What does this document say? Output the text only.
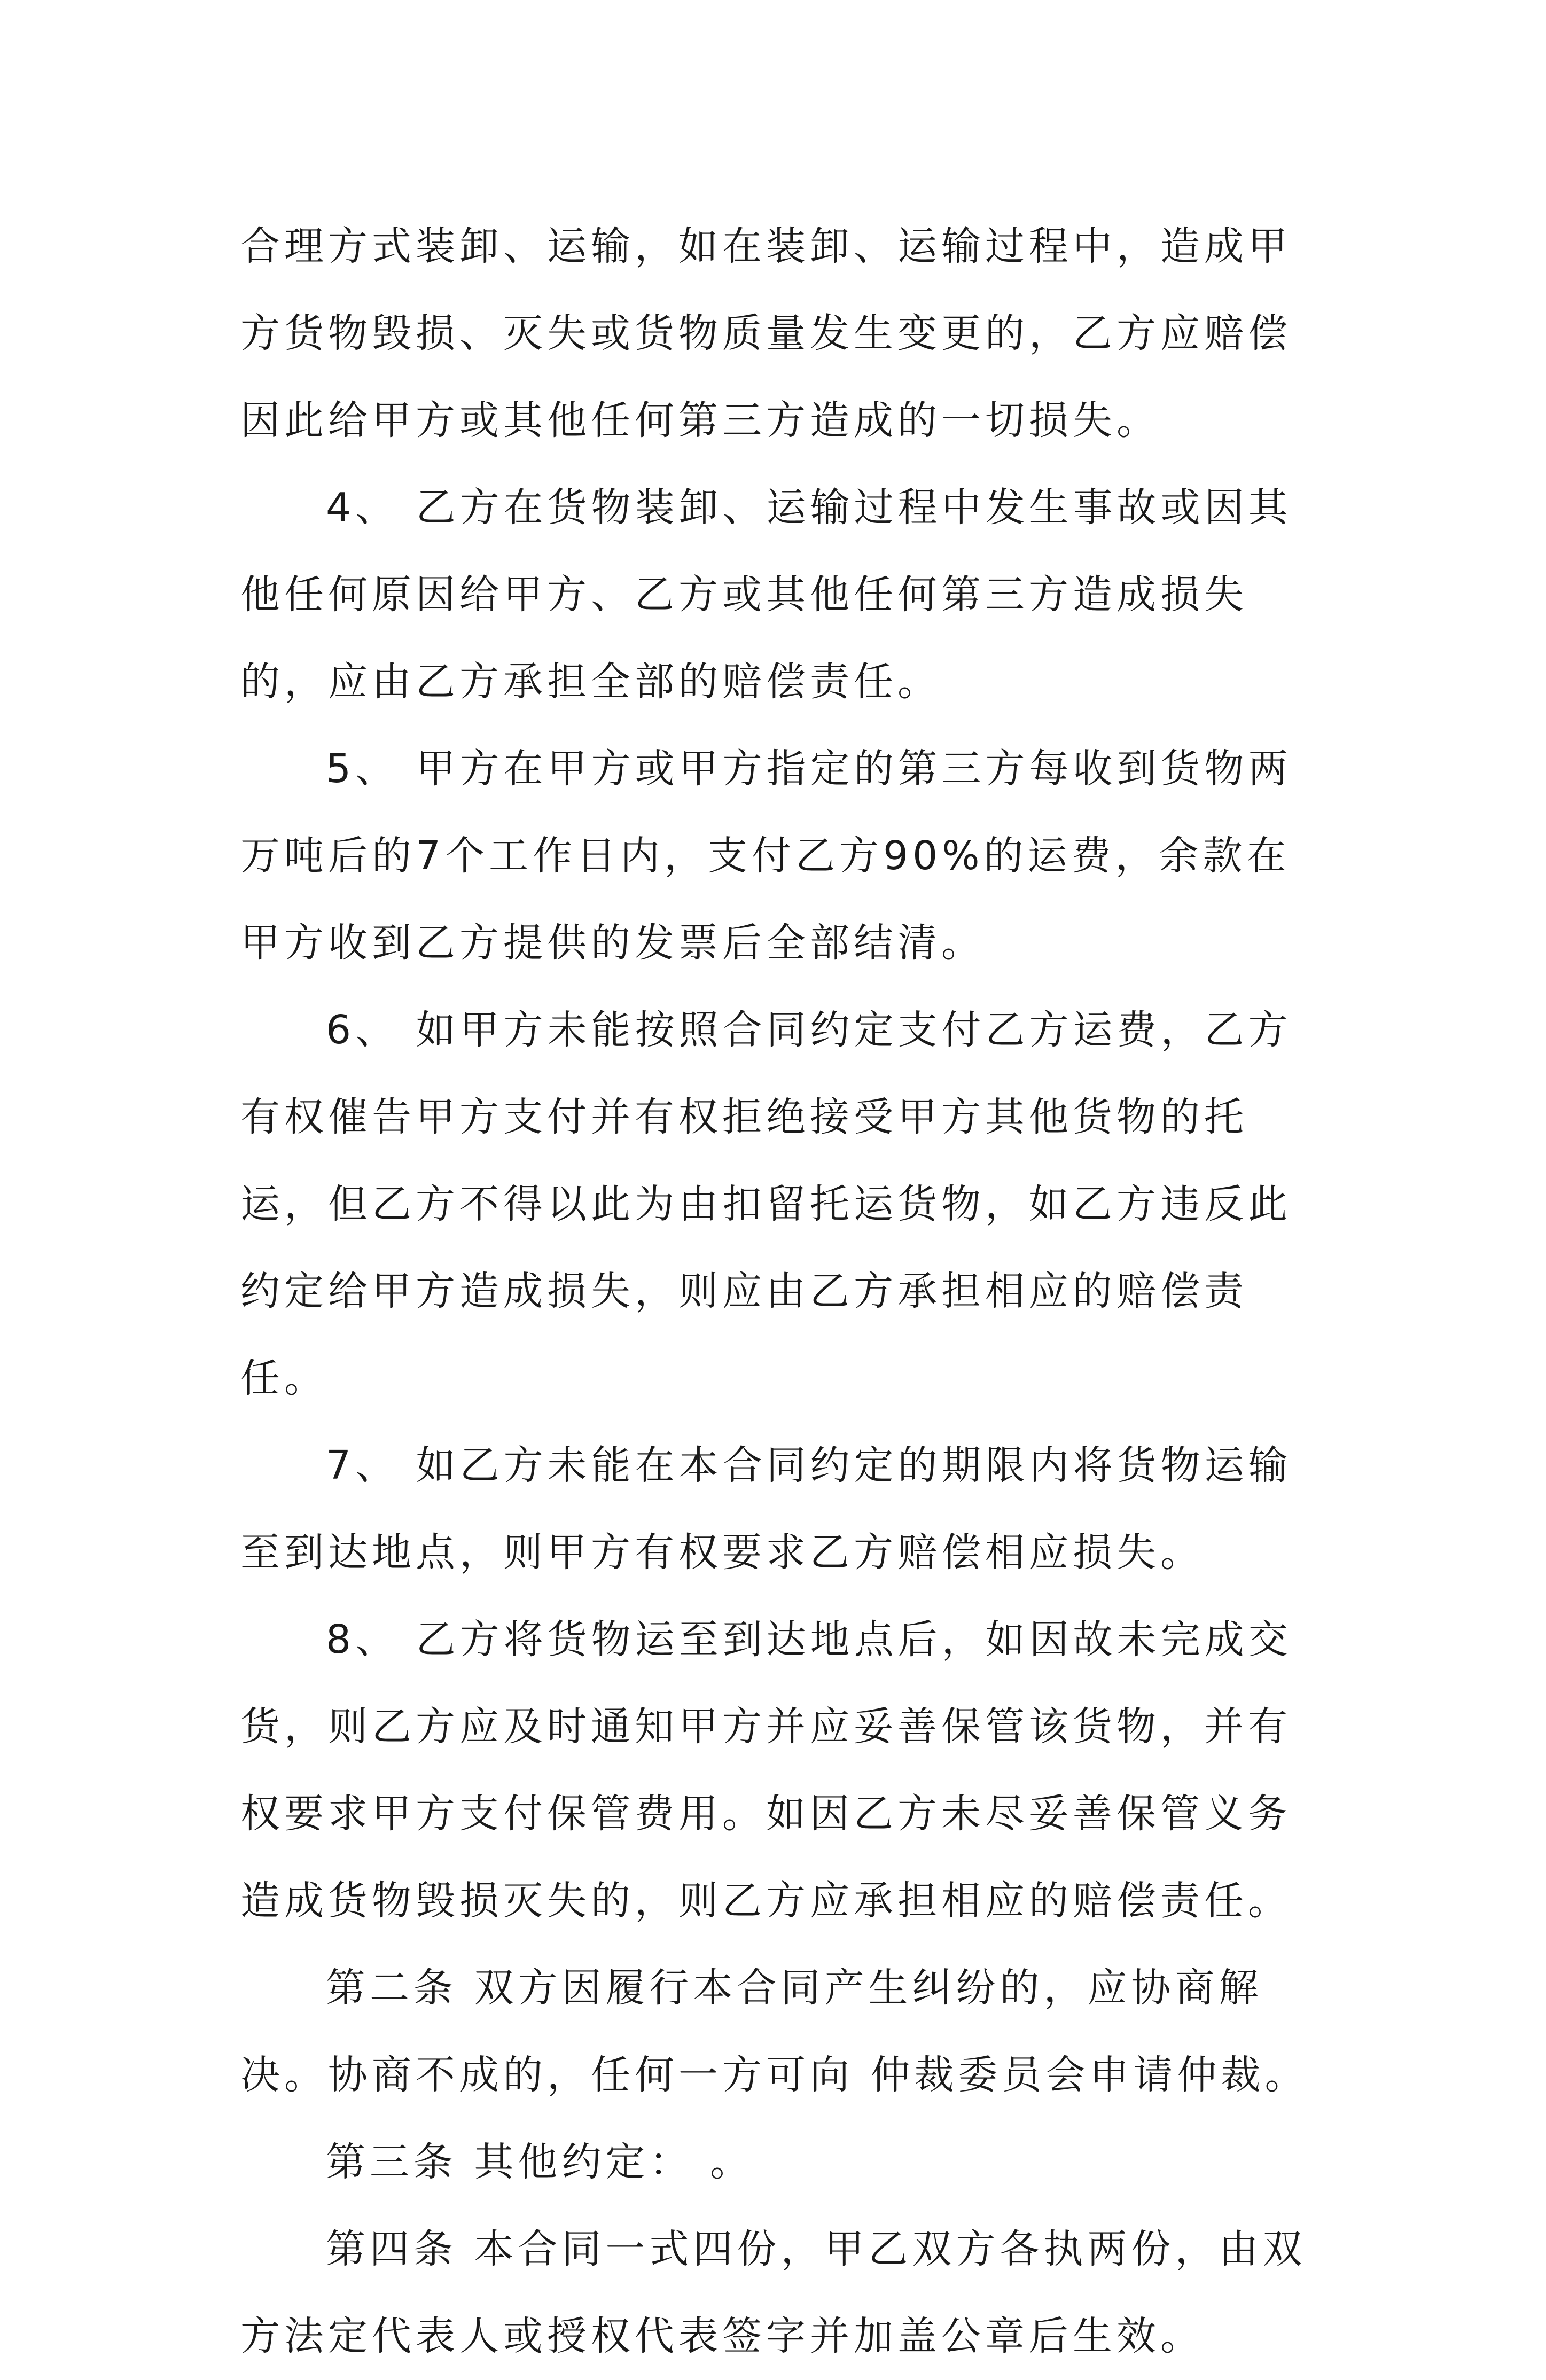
合理方式装卸、运输，如在装卸、运输过程中，造成甲方货物毁损、灭失或货物质量发生变更的，乙方应赔偿因此给甲方或其他任何第三方造成的一切损失。

4、 乙方在货物装卸、运输过程中发生事故或因其他任何原因给甲方、乙方或其他任何第三方造成损失的，应由乙方承担全部的赔偿责任。

5、 甲方在甲方或甲方指定的第三方每收到货物两万吨后的7个工作日内，支付乙方90%的运费，余款在甲方收到乙方提供的发票后全部结清。

6、 如甲方未能按照合同约定支付乙方运费，乙方有权催告甲方支付并有权拒绝接受甲方其他货物的托运，但乙方不得以此为由扣留托运货物，如乙方违反此约定给甲方造成损失，则应由乙方承担相应的赔偿责任。

7、 如乙方未能在本合同约定的期限内将货物运输至到达地点，则甲方有权要求乙方赔偿相应损失。

8、 乙方将货物运至到达地点后，如因故未完成交货，则乙方应及时通知甲方并应妥善保管该货物，并有权要求甲方支付保管费用。如因乙方未尽妥善保管义务造成货物毁损灭失的，则乙方应承担相应的赔偿责任。

第二条 双方因履行本合同产生纠纷的，应协商解决。协商不成的，任何一方可向 仲裁委员会申请仲裁。

第三条 其他约定： 。

第四条 本合同一式四份，甲乙双方各执两份，由双方法定代表人或授权代表签字并加盖公章后生效。
